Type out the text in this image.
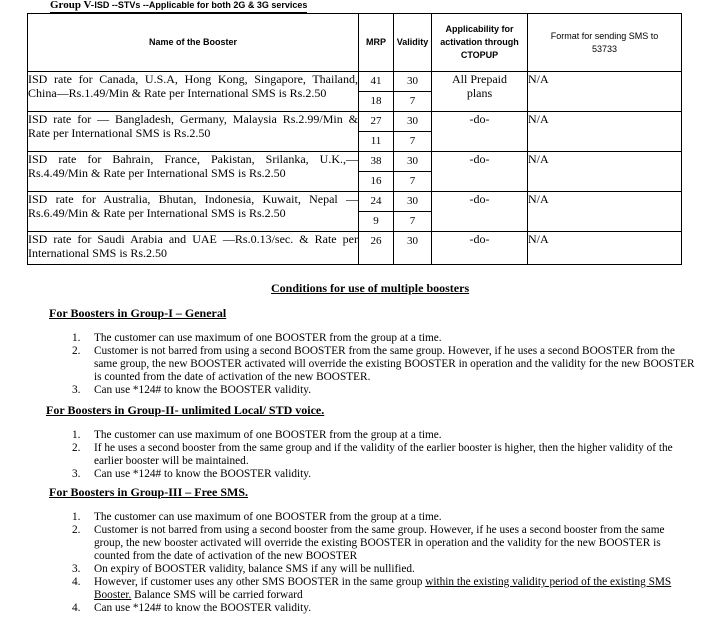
Group V-ISD --STVs --Applicable for both 2G & 3G services
Name of the Booster	MRP	Validity	Applicability for activation through CTOPUP	Format for sending SMS to 53733
ISD rate for Canada, U.S.A, Hong Kong, Singapore, Thailand, China—Rs.1.49/Min & Rate per International SMS is Rs.2.50	41	30	All Prepaid plans	N/A
	18	7		
ISD rate for — Bangladesh, Germany, Malaysia Rs.2.99/Min & Rate per International SMS is Rs.2.50	27	30	-do-	N/A
	11	7		
ISD rate for Bahrain, France, Pakistan, Srilanka, U.K.,— Rs.4.49/Min & Rate per International SMS is Rs.2.50	38	30	-do-	N/A
	16	7		
ISD rate for Australia, Bhutan, Indonesia, Kuwait, Nepal —Rs.6.49/Min & Rate per International SMS is Rs.2.50	24	30	-do-	N/A
	9	7		
ISD rate for Saudi Arabia and UAE —Rs.0.13/sec. & Rate per International SMS is Rs.2.50	26	30	-do-	N/A
Conditions for use of multiple boosters
For Boosters in Group-I – General
1. The customer can use maximum of one BOOSTER from the group at a time.
2. Customer is not barred from using a second BOOSTER from the same group. However, if he uses a second BOOSTER from the same group, the new BOOSTER activated will override the existing BOOSTER in operation and the validity for the new BOOSTER is counted from the date of activation of the new BOOSTER.
3. Can use *124# to know the BOOSTER validity.
For Boosters in Group-II- unlimited Local/ STD voice.
1. The customer can use maximum of one BOOSTER from the group at a time.
2. If he uses a second booster from the same group and if the validity of the earlier booster is higher, then the higher validity of the earlier booster will be maintained.
3. Can use *124# to know the BOOSTER validity.
For Boosters in Group-III – Free SMS.
1. The customer can use maximum of one BOOSTER from the group at a time.
2. Customer is not barred from using a second booster from the same group. However, if he uses a second booster from the same group, the new booster activated will override the existing BOOSTER in operation and the validity for the new BOOSTER is counted from the date of activation of the new BOOSTER
3. On expiry of BOOSTER validity, balance SMS if any will be nullified.
4. However, if customer uses any other SMS BOOSTER in the same group within the existing validity period of the existing SMS Booster. Balance SMS will be carried forward
4. Can use *124# to know the BOOSTER validity.
